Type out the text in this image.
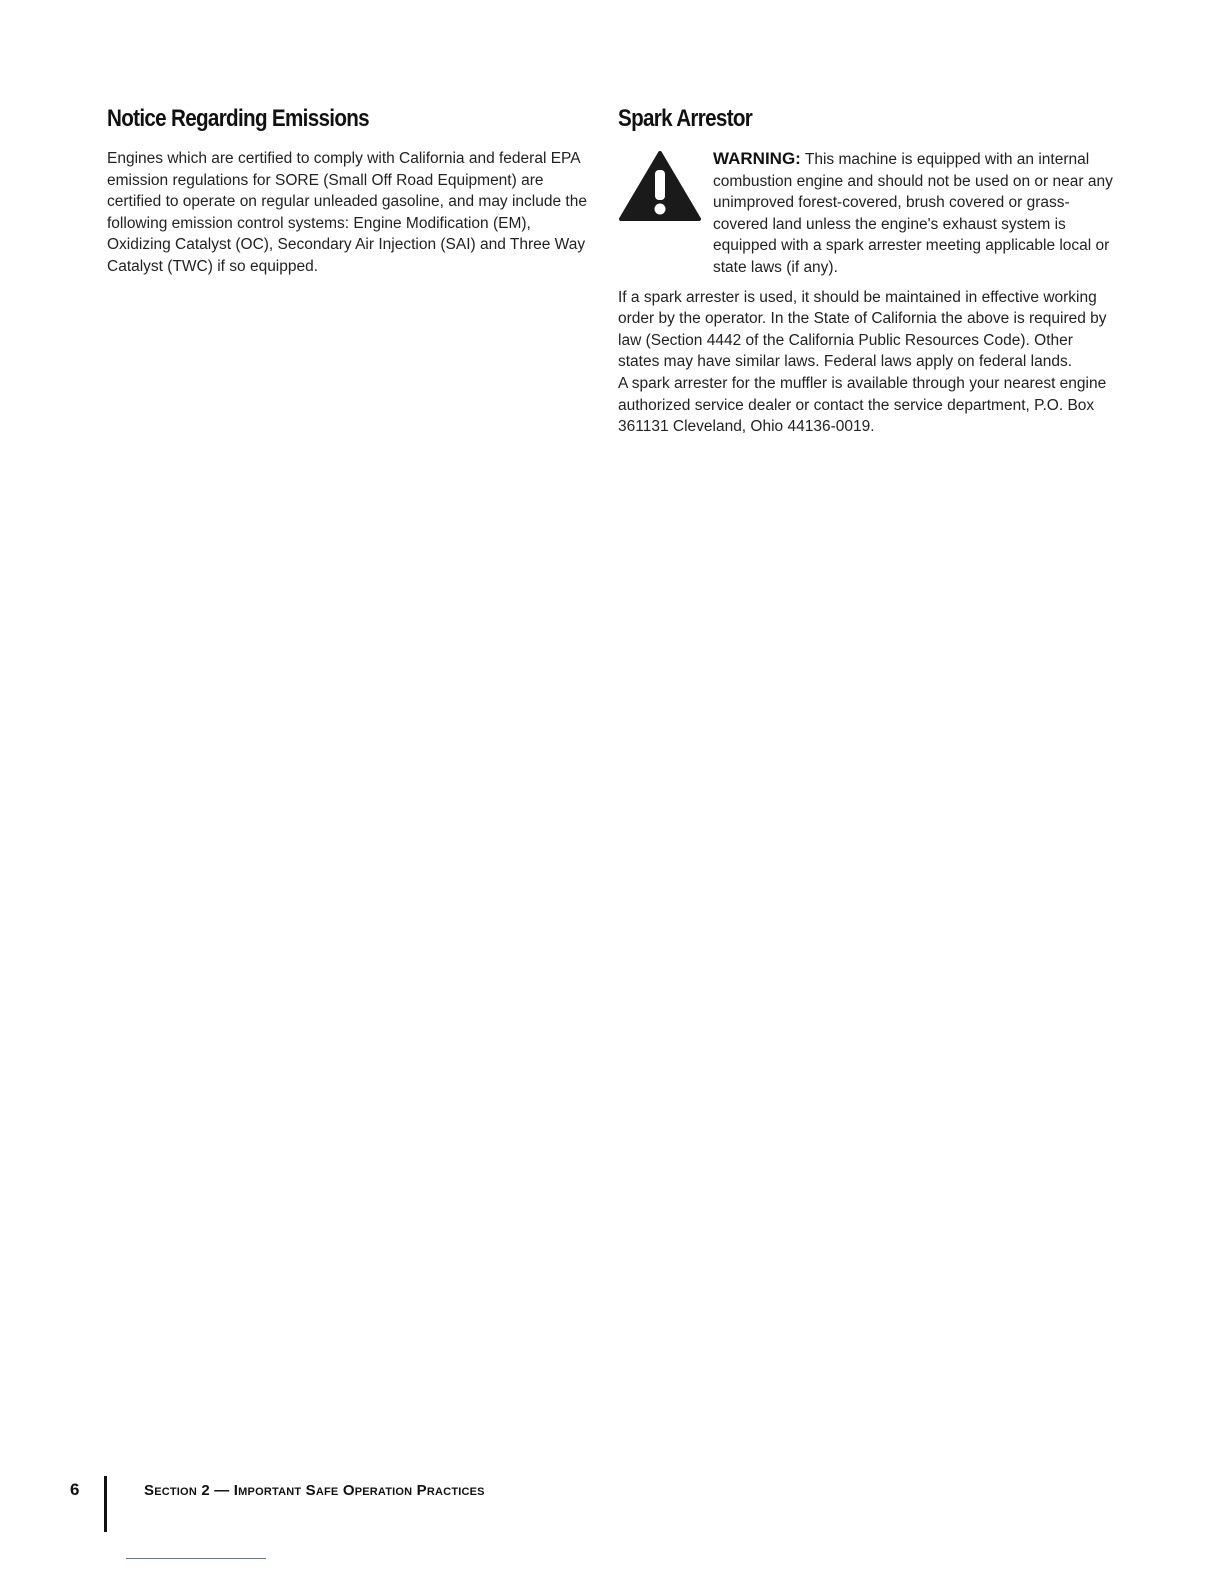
Notice Regarding Emissions

Engines which are certified to comply with California and federal EPA emission regulations for SORE (Small Off Road Equipment) are certified to operate on regular unleaded gasoline, and may include the following emission control systems: Engine Modification (EM), Oxidizing Catalyst (OC), Secondary Air Injection (SAI) and Three Way Catalyst (TWC) if so equipped.

Spark Arrestor
WARNING: This machine is equipped with an internal combustion engine and should not be used on or near any unimproved forest-covered, brush covered or grass-covered land unless the engine's exhaust system is equipped with a spark arrester meeting applicable local or state laws (if any).

If a spark arrester is used, it should be maintained in effective working order by the operator. In the State of California the above is required by law (Section 4442 of the California Public Resources Code). Other states may have similar laws. Federal laws apply on federal lands.

A spark arrester for the muffler is available through your nearest engine authorized service dealer or contact the service department, P.O. Box 361131 Cleveland, Ohio 44136-0019.

6	Section 2 — Important Safe Operation Practices
